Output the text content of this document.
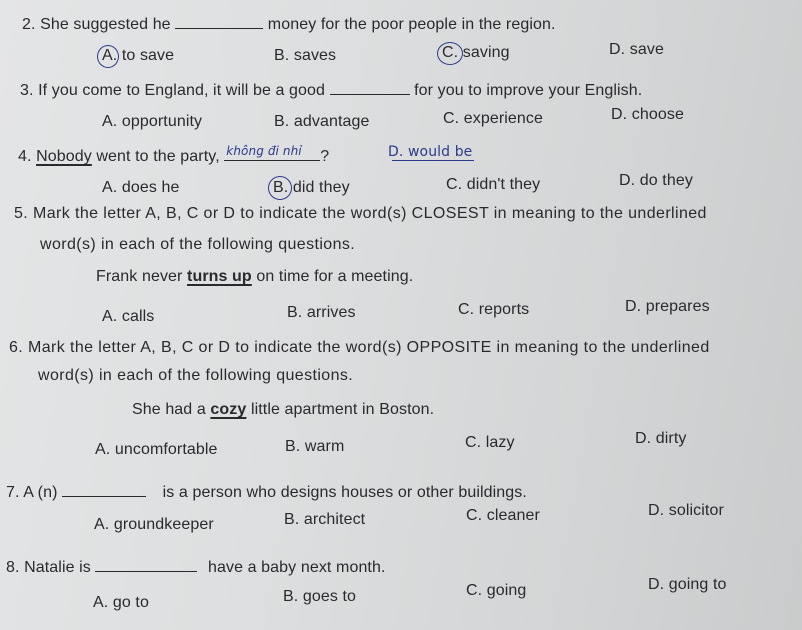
2. She suggested he	money for the poor people in the region.
A. to save	B. saves	C. saving	D. save
3. If you come to England, it will be a good	for you to improve your English.
A. opportunity	B. advantage	C. experience	D. choose
4. Nobody went to the party, không đi nhỉ ?	D. would be
A. does he	B. did they	C. didn't they	D. do they
5. Mark the letter A, B, C or D to indicate the word(s) CLOSEST in meaning to the underlined
word(s) in each of the following questions.
Frank never turns up on time for a meeting.
A. calls	B. arrives	C. reports	D. prepares
6. Mark the letter A, B, C or D to indicate the word(s) OPPOSITE in meaning to the underlined
word(s) in each of the following questions.
She had a cozy little apartment in Boston.
A. uncomfortable	B. warm	C. lazy	D. dirty
7. A (n)	is a person who designs houses or other buildings.
A. groundkeeper	B. architect	C. cleaner	D. solicitor
8. Natalie is	have a baby next month.
A. go to	B. goes to	C. going	D. going to
